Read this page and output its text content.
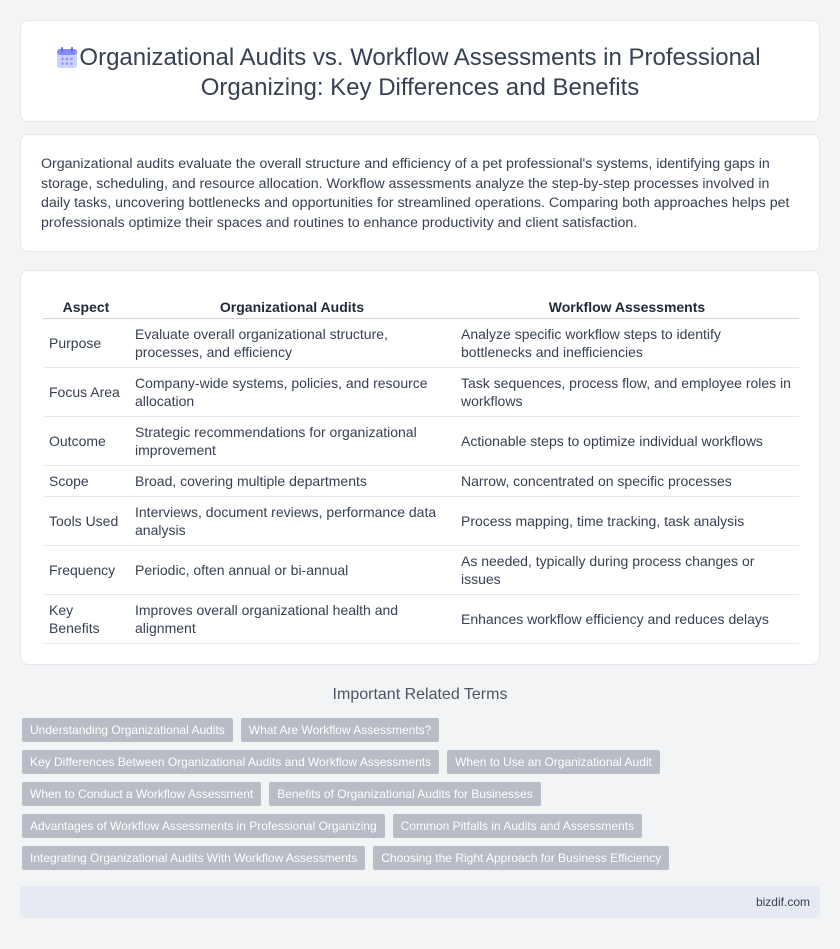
Organizational Audits vs. Workflow Assessments in Professional Organizing: Key Differences and Benefits

Organizational audits evaluate the overall structure and efficiency of a pet professional's systems, identifying gaps in storage, scheduling, and resource allocation. Workflow assessments analyze the step-by-step processes involved in daily tasks, uncovering bottlenecks and opportunities for streamlined operations. Comparing both approaches helps pet professionals optimize their spaces and routines to enhance productivity and client satisfaction.

Aspect	Organizational Audits	Workflow Assessments
Purpose	Evaluate overall organizational structure, processes, and efficiency	Analyze specific workflow steps to identify bottlenecks and inefficiencies
Focus Area	Company-wide systems, policies, and resource allocation	Task sequences, process flow, and employee roles in workflows
Outcome	Strategic recommendations for organizational improvement	Actionable steps to optimize individual workflows
Scope	Broad, covering multiple departments	Narrow, concentrated on specific processes
Tools Used	Interviews, document reviews, performance data analysis	Process mapping, time tracking, task analysis
Frequency	Periodic, often annual or bi-annual	As needed, typically during process changes or issues
Key Benefits	Improves overall organizational health and alignment	Enhances workflow efficiency and reduces delays
Important Related Terms
Understanding Organizational Audits	What Are Workflow Assessments?
Key Differences Between Organizational Audits and Workflow Assessments	When to Use an Organizational Audit
When to Conduct a Workflow Assessment	Benefits of Organizational Audits for Businesses
Advantages of Workflow Assessments in Professional Organizing	Common Pitfalls in Audits and Assessments
Integrating Organizational Audits With Workflow Assessments	Choosing the Right Approach for Business Efficiency
bizdif.com
